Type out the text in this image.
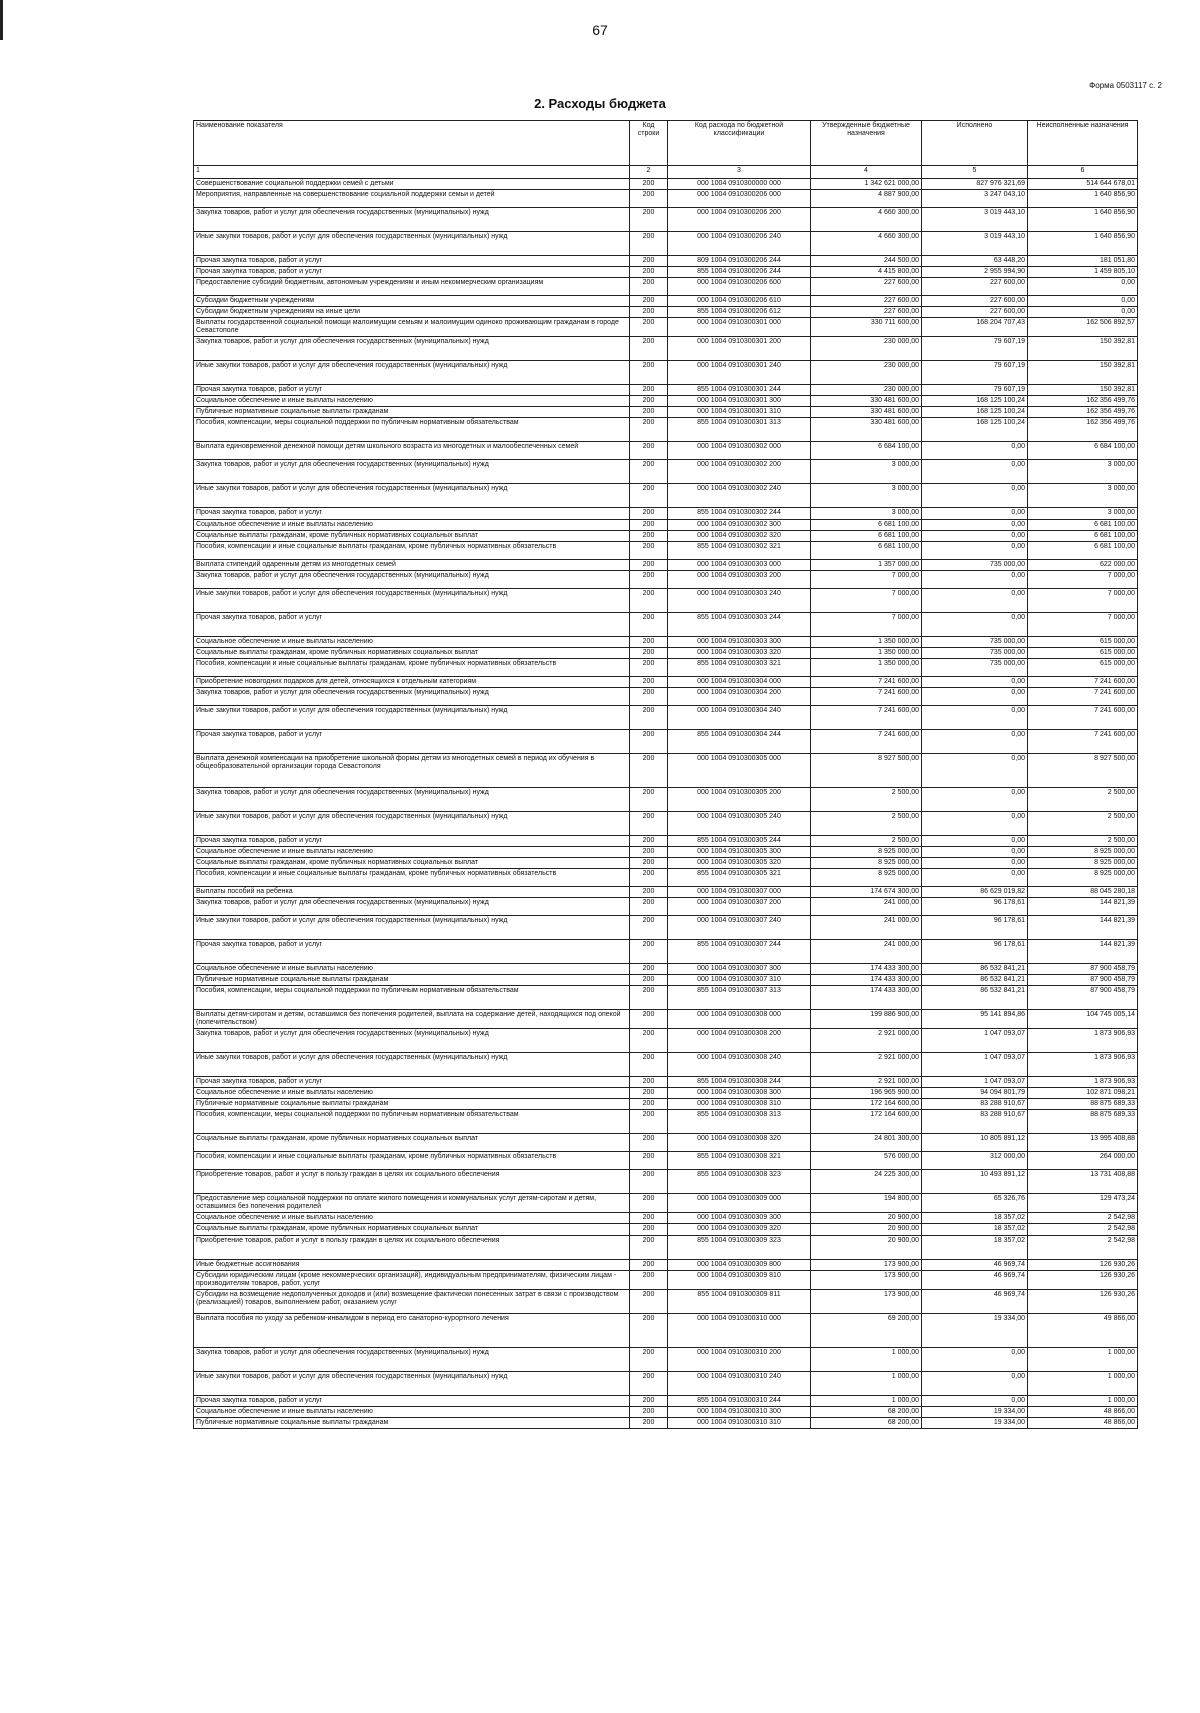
67
Форма 0503117 с. 2
2. Расходы бюджета
Наименование показателя	Код строки	Код расхода по бюджетной классификации	Утвержденные бюджетные назначения	Исполнено	Неисполненные назначения
1	2	3	4	5	6
Совершенствование социальной поддержки семей с детьми	200	000 1004 0910300000 000	1 342 621 000,00	827 976 321,69	514 644 678,01
Мероприятия, направленные на совершенствование социальной поддержки семьи и детей	200	000 1004 0910300206 000	4 887 900,00	3 247 043,10	1 640 856,90
Закупка товаров, работ и услуг для обеспечения государственных (муниципальных) нужд	200	000 1004 0910300206 200	4 660 300,00	3 019 443,10	1 640 856,90
Иные закупки товаров, работ и услуг для обеспечения государственных (муниципальных) нужд	200	000 1004 0910300206 240	4 660 300,00	3 019 443,10	1 640 856,90
Прочая закупка товаров, работ и услуг	200	809 1004 0910300206 244	244 500,00	63 448,20	181 051,80
Прочая закупка товаров, работ и услуг	200	855 1004 0910300206 244	4 415 800,00	2 955 994,90	1 459 805,10
Предоставление субсидий бюджетным, автономным учреждениям и иным некоммерческим организациям	200	000 1004 0910300206 600	227 600,00	227 600,00	0,00
Субсидии бюджетным учреждениям	200	000 1004 0910300206 610	227 600,00	227 600,00	0,00
Субсидии бюджетным учреждениям на иные цели	200	855 1004 0910300206 612	227 600,00	227 600,00	0,00
Выплаты государственной социальной помощи малоимущим семьям и малоимущим одиноко проживающим гражданам в городе Севастополе	200	000 1004 0910300301 000	330 711 600,00	168 204 707,43	162 506 892,57
Закупка товаров, работ и услуг для обеспечения государственных (муниципальных) нужд	200	000 1004 0910300301 200	230 000,00	79 607,19	150 392,81
Иные закупки товаров, работ и услуг для обеспечения государственных (муниципальных) нужд	200	000 1004 0910300301 240	230 000,00	79 607,19	150 392,81
Прочая закупка товаров, работ и услуг	200	855 1004 0910300301 244	230 000,00	79 607,19	150 392,81
Социальное обеспечение и иные выплаты населению	200	000 1004 0910300301 300	330 481 600,00	168 125 100,24	162 356 499,76
Публичные нормативные социальные выплаты гражданам	200	000 1004 0910300301 310	330 481 600,00	168 125 100,24	162 356 499,76
Пособия, компенсации, меры социальной поддержки по публичным нормативным обязательствам	200	855 1004 0910300301 313	330 481 600,00	168 125 100,24	162 356 499,76
Выплата единовременной денежной помощи детям школьного возраста из многодетных и малообеспеченных семей	200	000 1004 0910300302 000	6 684 100,00	0,00	6 684 100,00
Закупка товаров, работ и услуг для обеспечения государственных (муниципальных) нужд	200	000 1004 0910300302 200	3 000,00	0,00	3 000,00
Иные закупки товаров, работ и услуг для обеспечения государственных (муниципальных) нужд	200	000 1004 0910300302 240	3 000,00	0,00	3 000,00
Прочая закупка товаров, работ и услуг	200	855 1004 0910300302 244	3 000,00	0,00	3 000,00
Социальное обеспечение и иные выплаты населению	200	000 1004 0910300302 300	6 681 100,00	0,00	6 681 100,00
Социальные выплаты гражданам, кроме публичных нормативных социальных выплат	200	000 1004 0910300302 320	6 681 100,00	0,00	6 681 100,00
Пособия, компенсации и иные социальные выплаты гражданам, кроме публичных нормативных обязательств	200	855 1004 0910300302 321	6 681 100,00	0,00	6 681 100,00
Выплата стипендий одаренным детям из многодетных семей	200	000 1004 0910300303 000	1 357 000,00	735 000,00	622 000,00
Закупка товаров, работ и услуг для обеспечения государственных (муниципальных) нужд	200	000 1004 0910300303 200	7 000,00	0,00	7 000,00
Иные закупки товаров, работ и услуг для обеспечения государственных (муниципальных) нужд	200	000 1004 0910300303 240	7 000,00	0,00	7 000,00
Прочая закупка товаров, работ и услуг	200	855 1004 0910300303 244	7 000,00	0,00	7 000,00
Социальное обеспечение и иные выплаты населению	200	000 1004 0910300303 300	1 350 000,00	735 000,00	615 000,00
Социальные выплаты гражданам, кроме публичных нормативных социальных выплат	200	000 1004 0910300303 320	1 350 000,00	735 000,00	615 000,00
Пособия, компенсации и иные социальные выплаты гражданам, кроме публичных нормативных обязательств	200	855 1004 0910300303 321	1 350 000,00	735 000,00	615 000,00
Приобретение новогодних подарков для детей, относящихся к отдельным категориям	200	000 1004 0910300304 000	7 241 600,00	0,00	7 241 600,00
Закупка товаров, работ и услуг для обеспечения государственных (муниципальных) нужд	200	000 1004 0910300304 200	7 241 600,00	0,00	7 241 600,00
Иные закупки товаров, работ и услуг для обеспечения государственных (муниципальных) нужд	200	000 1004 0910300304 240	7 241 600,00	0,00	7 241 600,00
Прочая закупка товаров, работ и услуг	200	855 1004 0910300304 244	7 241 600,00	0,00	7 241 600,00
Выплата денежной компенсации на приобретение школьной формы детям из многодетных семей в период их обучения в общеобразовательной организации города Севастополя	200	000 1004 0910300305 000	8 927 500,00	0,00	8 927 500,00
Закупка товаров, работ и услуг для обеспечения государственных (муниципальных) нужд	200	000 1004 0910300305 200	2 500,00	0,00	2 500,00
Иные закупки товаров, работ и услуг для обеспечения государственных (муниципальных) нужд	200	000 1004 0910300305 240	2 500,00	0,00	2 500,00
Прочая закупка товаров, работ и услуг	200	855 1004 0910300305 244	2 500,00	0,00	2 500,00
Социальное обеспечение и иные выплаты населению	200	000 1004 0910300305 300	8 925 000,00	0,00	8 925 000,00
Социальные выплаты гражданам, кроме публичных нормативных социальных выплат	200	000 1004 0910300305 320	8 925 000,00	0,00	8 925 000,00
Пособия, компенсации и иные социальные выплаты гражданам, кроме публичных нормативных обязательств	200	855 1004 0910300305 321	8 925 000,00	0,00	8 925 000,00
Выплаты пособий на ребенка	200	000 1004 0910300307 000	174 674 300,00	86 629 019,82	88 045 280,18
Закупка товаров, работ и услуг для обеспечения государственных (муниципальных) нужд	200	000 1004 0910300307 200	241 000,00	96 178,61	144 821,39
Иные закупки товаров, работ и услуг для обеспечения государственных (муниципальных) нужд	200	000 1004 0910300307 240	241 000,00	96 178,61	144 821,39
Прочая закупка товаров, работ и услуг	200	855 1004 0910300307 244	241 000,00	96 178,61	144 821,39
Социальное обеспечение и иные выплаты населению	200	000 1004 0910300307 300	174 433 300,00	86 532 841,21	87 900 458,79
Публичные нормативные социальные выплаты гражданам	200	000 1004 0910300307 310	174 433 300,00	86 532 841,21	87 900 458,79
Пособия, компенсации, меры социальной поддержки по публичным нормативным обязательствам	200	855 1004 0910300307 313	174 433 300,00	86 532 841,21	87 900 458,79
Выплаты детям-сиротам и детям, оставшимся без попечения родителей, выплата на содержание детей, находящихся под опекой (попечительством)	200	000 1004 0910300308 000	199 886 900,00	95 141 894,86	104 745 005,14
Закупка товаров, работ и услуг для обеспечения государственных (муниципальных) нужд	200	000 1004 0910300308 200	2 921 000,00	1 047 093,07	1 873 906,93
Иные закупки товаров, работ и услуг для обеспечения государственных (муниципальных) нужд	200	000 1004 0910300308 240	2 921 000,00	1 047 093,07	1 873 906,93
Прочая закупка товаров, работ и услуг	200	855 1004 0910300308 244	2 921 000,00	1 047 093,07	1 873 906,93
Социальное обеспечение и иные выплаты населению	200	000 1004 0910300308 300	196 965 900,00	94 094 801,79	102 871 098,21
Публичные нормативные социальные выплаты гражданам	200	000 1004 0910300308 310	172 164 600,00	83 288 910,67	88 875 689,33
Пособия, компенсации, меры социальной поддержки по публичным нормативным обязательствам	200	855 1004 0910300308 313	172 164 600,00	83 288 910,67	88 875 689,33
Социальные выплаты гражданам, кроме публичных нормативных социальных выплат	200	000 1004 0910300308 320	24 801 300,00	10 805 891,12	13 995 408,88
Пособия, компенсации и иные социальные выплаты гражданам, кроме публичных нормативных обязательств	200	855 1004 0910300308 321	576 000,00	312 000,00	264 000,00
Приобретение товаров, работ и услуг в пользу граждан в целях их социального обеспечения	200	855 1004 0910300308 323	24 225 300,00	10 493 891,12	13 731 408,88
Предоставление мер социальной поддержки по оплате жилого помещения и коммунальных услуг детям-сиротам и детям, оставшимся без попечения родителей	200	000 1004 0910300309 000	194 800,00	65 326,76	129 473,24
Социальное обеспечение и иные выплаты населению	200	000 1004 0910300309 300	20 900,00	18 357,02	2 542,98
Социальные выплаты гражданам, кроме публичных нормативных социальных выплат	200	000 1004 0910300309 320	20 900,00	18 357,02	2 542,98
Приобретение товаров, работ и услуг в пользу граждан в целях их социального обеспечения	200	855 1004 0910300309 323	20 900,00	18 357,02	2 542,98
Иные бюджетные ассигнования	200	000 1004 0910300309 800	173 900,00	46 969,74	126 930,26
Субсидии юридическим лицам (кроме некоммерческих организаций), индивидуальным предпринимателям, физическим лицам - производителям товаров, работ, услуг	200	000 1004 0910300309 810	173 900,00	46 969,74	126 930,26
Субсидии на возмещение недополученных доходов и (или) возмещение фактически понесенных затрат в связи с производством (реализацией) товаров, выполнением работ, оказанием услуг	200	855 1004 0910300309 811	173 900,00	46 969,74	126 930,26
Выплата пособия по уходу за ребенком-инвалидом в период его санаторно-курортного лечения	200	000 1004 0910300310 000	69 200,00	19 334,00	49 866,00
Закупка товаров, работ и услуг для обеспечения государственных (муниципальных) нужд	200	000 1004 0910300310 200	1 000,00	0,00	1 000,00
Иные закупки товаров, работ и услуг для обеспечения государственных (муниципальных) нужд	200	000 1004 0910300310 240	1 000,00	0,00	1 000,00
Прочая закупка товаров, работ и услуг	200	855 1004 0910300310 244	1 000,00	0,00	1 000,00
Социальное обеспечение и иные выплаты населению	200	000 1004 0910300310 300	68 200,00	19 334,00	48 866,00
Публичные нормативные социальные выплаты гражданам	200	000 1004 0910300310 310	68 200,00	19 334,00	48 866,00
